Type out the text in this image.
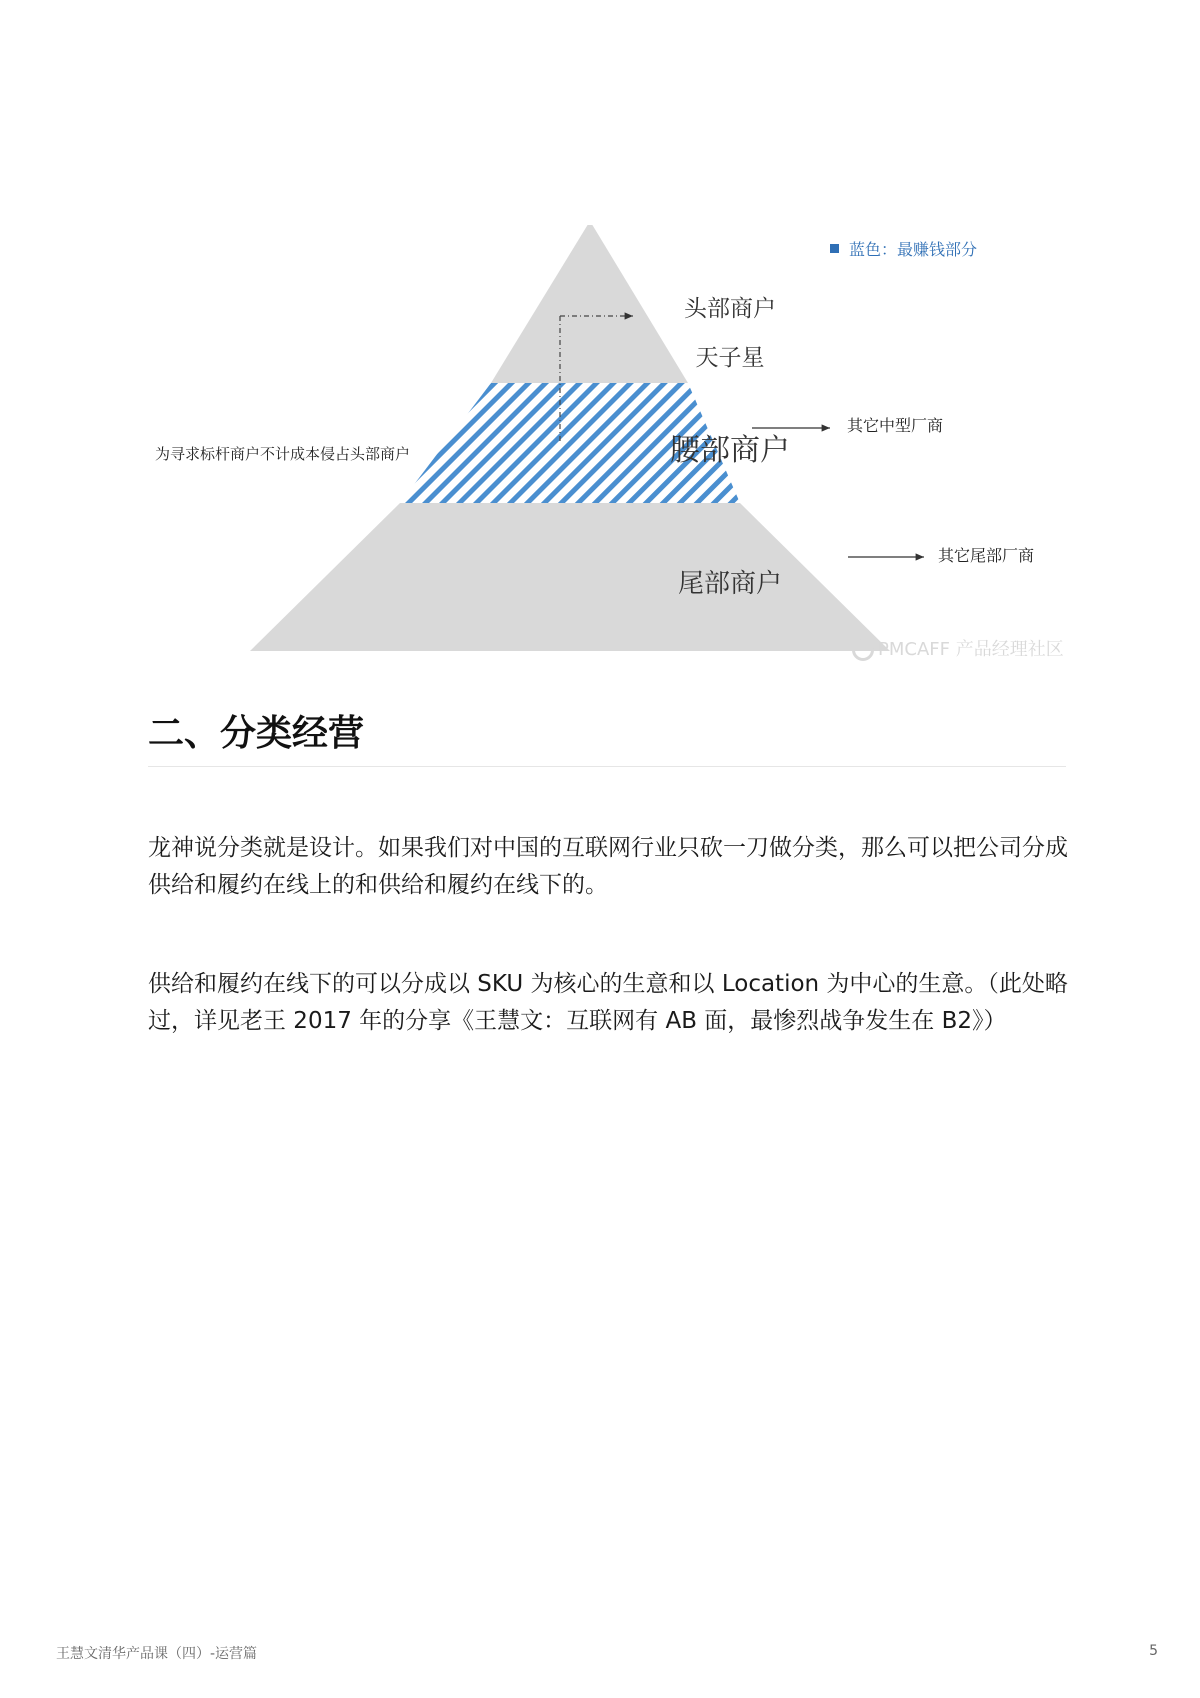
蓝色：最赚钱部分
头部商户
天子星
腰部商户
尾部商户
为寻求标杆商户不计成本侵占头部商户
其它中型厂商
其它尾部厂商
PMCAFF 产品经理社区
二、分类经营

龙神说分类就是设计。如果我们对中国的互联网行业只砍一刀做分类，那么可以把公司分成供给和履约在线上的和供给和履约在线下的。

供给和履约在线下的可以分成以 SKU 为核心的生意和以 Location 为中心的生意。（此处略过，详见老王 2017 年的分享《王慧文：互联网有 AB 面，最惨烈战争发生在 B2》）

王慧文清华产品课（四）-运营篇	5
